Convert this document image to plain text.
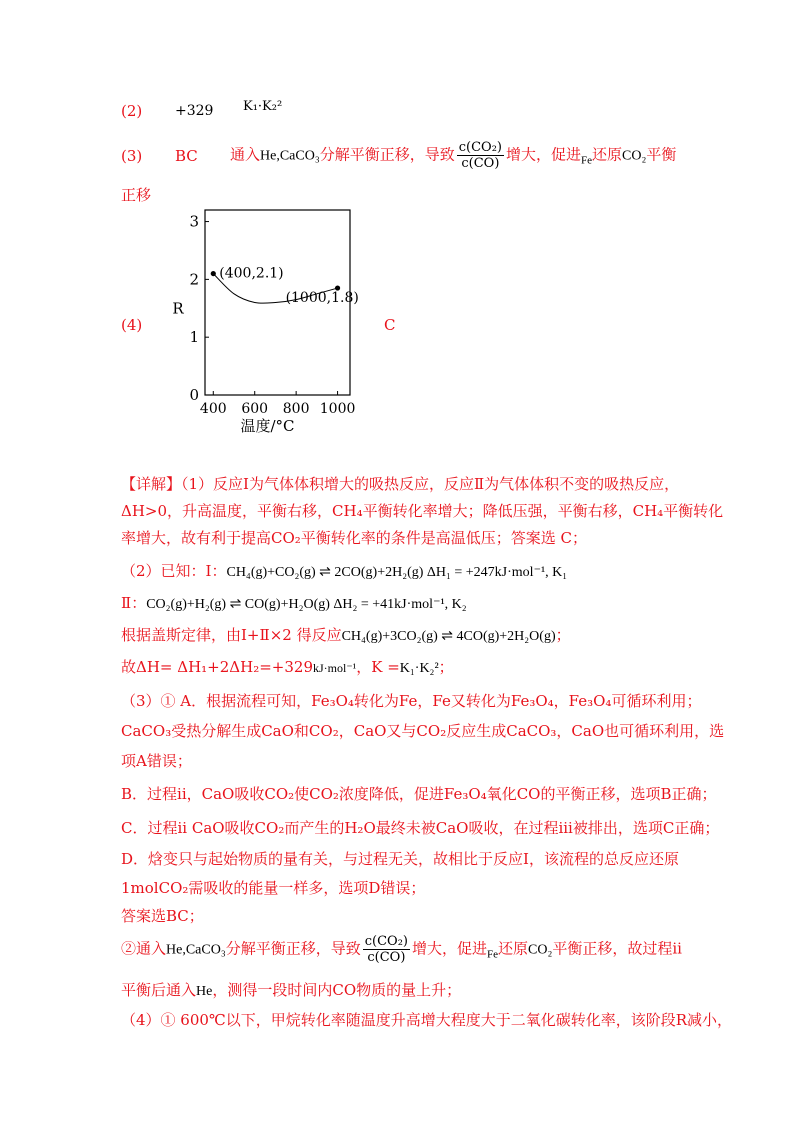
(2) +329 K₁·K₂²
(3) BC 通入He,CaCO₃分解平衡正移，导致 $\frac{\text{c(CO₂)}}{c(CO)}$ 增大，促进$_{Fe}$还原CO₂平衡
正移
(4)	C
0
1
2
3
400 600 800 1000
温度/°C
R
(400,2.1)
(1000,1.8)
【详解】（1）反应Ⅰ为气体体积增大的吸热反应，反应Ⅱ为气体体积不变的吸热反应，
ΔH>0，升高温度，平衡右移，CH₄平衡转化率增大；降低压强，平衡右移，CH₄平衡转化
率增大，故有利于提高CO₂平衡转化率的条件是高温低压；答案选 C；
（2）已知：Ⅰ：CH₄(g)+CO₂(g) ⇌ 2CO(g)+2H₂(g) ΔH₁ = +247kJ·mol⁻¹, K₁
Ⅱ：CO₂(g)+H₂(g) ⇌ CO(g)+H₂O(g) ΔH₂ = +41kJ·mol⁻¹, K₂
根据盖斯定律，由Ⅰ+Ⅱ×2 得反应CH₄(g)+3CO₂(g) ⇌ 4CO(g)+2H₂O(g)；
故ΔH= ΔH₁+2ΔH₂=+329kJ·mol⁻¹，K =K₁·K₂²；
（3）① A．根据流程可知，Fe₃O₄转化为Fe，Fe又转化为Fe₃O₄，Fe₃O₄可循环利用；
CaCO₃受热分解生成CaO和CO₂，CaO又与CO₂反应生成CaCO₃，CaO也可循环利用，选
项A错误；
B．过程ii，CaO吸收CO₂使CO₂浓度降低，促进Fe₃O₄氧化CO的平衡正移，选项B正确；
C．过程ii CaO吸收CO₂而产生的H₂O最终未被CaO吸收，在过程iii被排出，选项C正确；
D．焓变只与起始物质的量有关，与过程无关，故相比于反应Ⅰ，该流程的总反应还原
1molCO₂需吸收的能量一样多，选项D错误；
答案选BC；
②通入He,CaCO₃分解平衡正移，导致 $\frac{\text{c(CO₂)}}{c(CO)}$ 增大，促进$_{Fe}$还原CO₂平衡正移，故过程ii
平衡后通入He，测得一段时间内CO物质的量上升；
（4）① 600℃以下，甲烷转化率随温度升高增大程度大于二氧化碳转化率，该阶段R减小，
